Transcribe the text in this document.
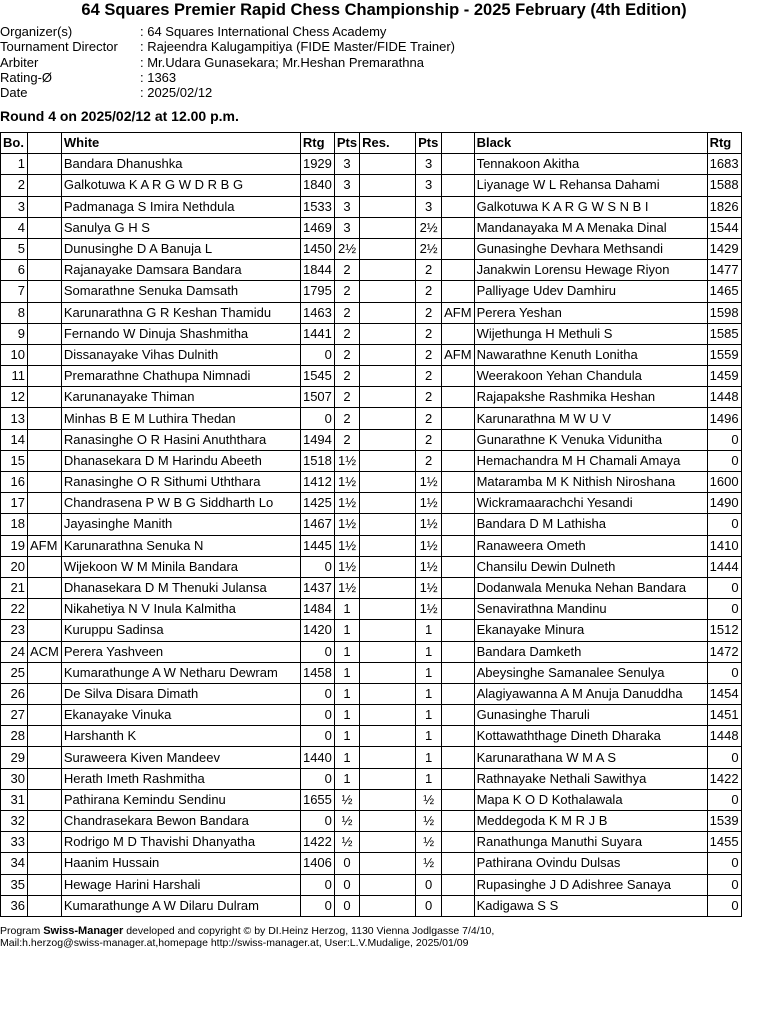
64 Squares Premier Rapid Chess Championship - 2025 February (4th Edition)
Organizer(s)	: 64 Squares International Chess Academy
Tournament Director : Rajeendra Kalugampitiya (FIDE Master/FIDE Trainer)
Arbiter	: Mr.Udara Gunasekara; Mr.Heshan Premarathna
Rating-Ø	: 1363
Date	: 2025/02/12
Round 4 on 2025/02/12 at 12.00 p.m.
Bo.		White	Rtg	Pts	Res.	Pts		Black	Rtg
1		Bandara Dhanushka	1929	3		3		Tennakoon Akitha	1683
2		Galkotuwa K A R G W D R B G	1840	3		3		Liyanage W L Rehansa Dahami	1588
3		Padmanaga S Imira Nethdula	1533	3		3		Galkotuwa K A R G W S N B I	1826
4		Sanulya G H S	1469	3		2½		Mandanayaka M A Menaka Dinal	1544
5		Dunusinghe D A Banuja L	1450	2½		2½		Gunasinghe Devhara Methsandi	1429
6		Rajanayake Damsara Bandara	1844	2		2		Janakwin Lorensu Hewage Riyon	1477
7		Somarathne Senuka Damsath	1795	2		2		Palliyage Udev Damhiru	1465
8		Karunarathna G R Keshan Thamidu	1463	2		2	AFM	Perera Yeshan	1598
9		Fernando W Dinuja Shashmitha	1441	2		2		Wijethunga H Methuli S	1585
10		Dissanayake Vihas Dulnith	0	2		2	AFM	Nawarathne Kenuth Lonitha	1559
11		Premarathne Chathupa Nimnadi	1545	2		2		Weerakoon Yehan Chandula	1459
12		Karunanayake Thiman	1507	2		2		Rajapakshe Rashmika Heshan	1448
13		Minhas B E M Luthira Thedan	0	2		2		Karunarathna M W U V	1496
14		Ranasinghe O R Hasini Anuththara	1494	2		2		Gunarathne K Venuka Vidunitha	0
15		Dhanasekara D M Harindu Abeeth	1518	1½		2		Hemachandra M H Chamali Amaya	0
16		Ranasinghe O R Sithumi Uththara	1412	1½		1½		Mataramba M K Nithish Niroshana	1600
17		Chandrasena P W B G Siddharth Lo	1425	1½		1½		Wickramaarachchi Yesandi	1490
18		Jayasinghe Manith	1467	1½		1½		Bandara D M Lathisha	0
19	AFM	Karunarathna Senuka N	1445	1½		1½		Ranaweera Ometh	1410
20		Wijekoon W M Minila Bandara	0	1½		1½		Chansilu Dewin Dulneth	1444
21		Dhanasekara D M Thenuki Julansa	1437	1½		1½		Dodanwala Menuka Nehan Bandara	0
22		Nikahetiya N V Inula Kalmitha	1484	1		1½		Senavirathna Mandinu	0
23		Kuruppu Sadinsa	1420	1		1		Ekanayake Minura	1512
24	ACM	Perera Yashveen	0	1		1		Bandara Damketh	1472
25		Kumarathunge A W Netharu Dewram	1458	1		1		Abeysinghe Samanalee Senulya	0
26		De Silva Disara Dimath	0	1		1		Alagiyawanna A M Anuja Danuddha	1454
27		Ekanayake Vinuka	0	1		1		Gunasinghe Tharuli	1451
28		Harshanth K	0	1		1		Kottawaththage Dineth Dharaka	1448
29		Suraweera Kiven Mandeev	1440	1		1		Karunarathana W M A S	0
30		Herath Imeth Rashmitha	0	1		1		Rathnayake Nethali Sawithya	1422
31		Pathirana Kemindu Sendinu	1655	½		½		Mapa K O D Kothalawala	0
32		Chandrasekara Bewon Bandara	0	½		½		Meddegoda K M R J B	1539
33		Rodrigo M D Thavishi Dhanyatha	1422	½		½		Ranathunga Manuthi Suyara	1455
34		Haanim Hussain	1406	0		½		Pathirana Ovindu Dulsas	0
35		Hewage Harini Harshali	0	0		0		Rupasinghe J D Adishree Sanaya	0
36		Kumarathunge A W Dilaru Dulram	0	0		0		Kadigawa S S	0
Program Swiss-Manager developed and copyright © by DI.Heinz Herzog, 1130 Vienna Jodlgasse 7/4/10,
Mail:h.herzog@swiss-manager.at,homepage http://swiss-manager.at, User:L.V.Mudalige, 2025/01/09
